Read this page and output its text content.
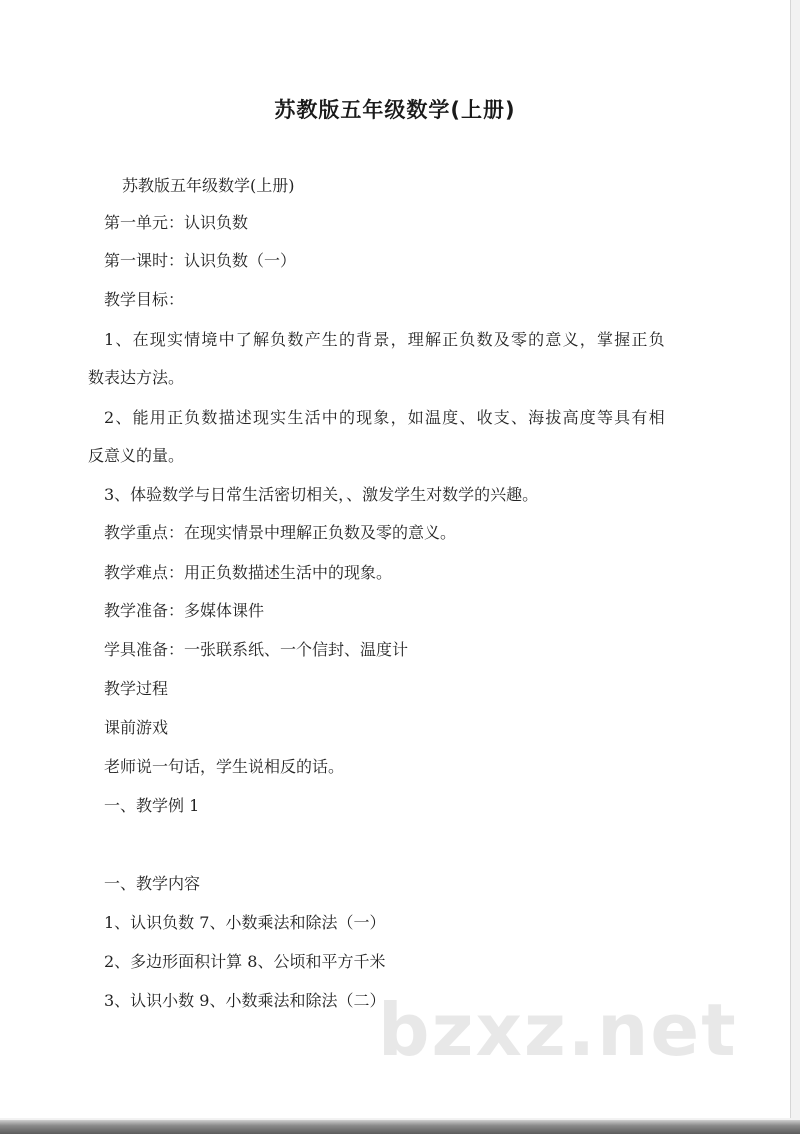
苏教版五年级数学(上册)
苏教版五年级数学(上册)
第一单元：认识负数
第一课时：认识负数（一）
教学目标：
1、在现实情境中了解负数产生的背景，理解正负数及零的意义，掌握正负
数表达方法。
2、能用正负数描述现实生活中的现象，如温度、收支、海拔高度等具有相
反意义的量。
3、体验数学与日常生活密切相关，、激发学生对数学的兴趣。
教学重点：在现实情景中理解正负数及零的意义。
教学难点：用正负数描述生活中的现象。
教学准备：多媒体课件
学具准备：一张联系纸、一个信封、温度计
教学过程
课前游戏
老师说一句话，学生说相反的话。
一、教学例 1
一、教学内容
1、认识负数 7、小数乘法和除法（一）
2、多边形面积计算 8、公顷和平方千米
3、认识小数 9、小数乘法和除法（二）
bzxz.net
